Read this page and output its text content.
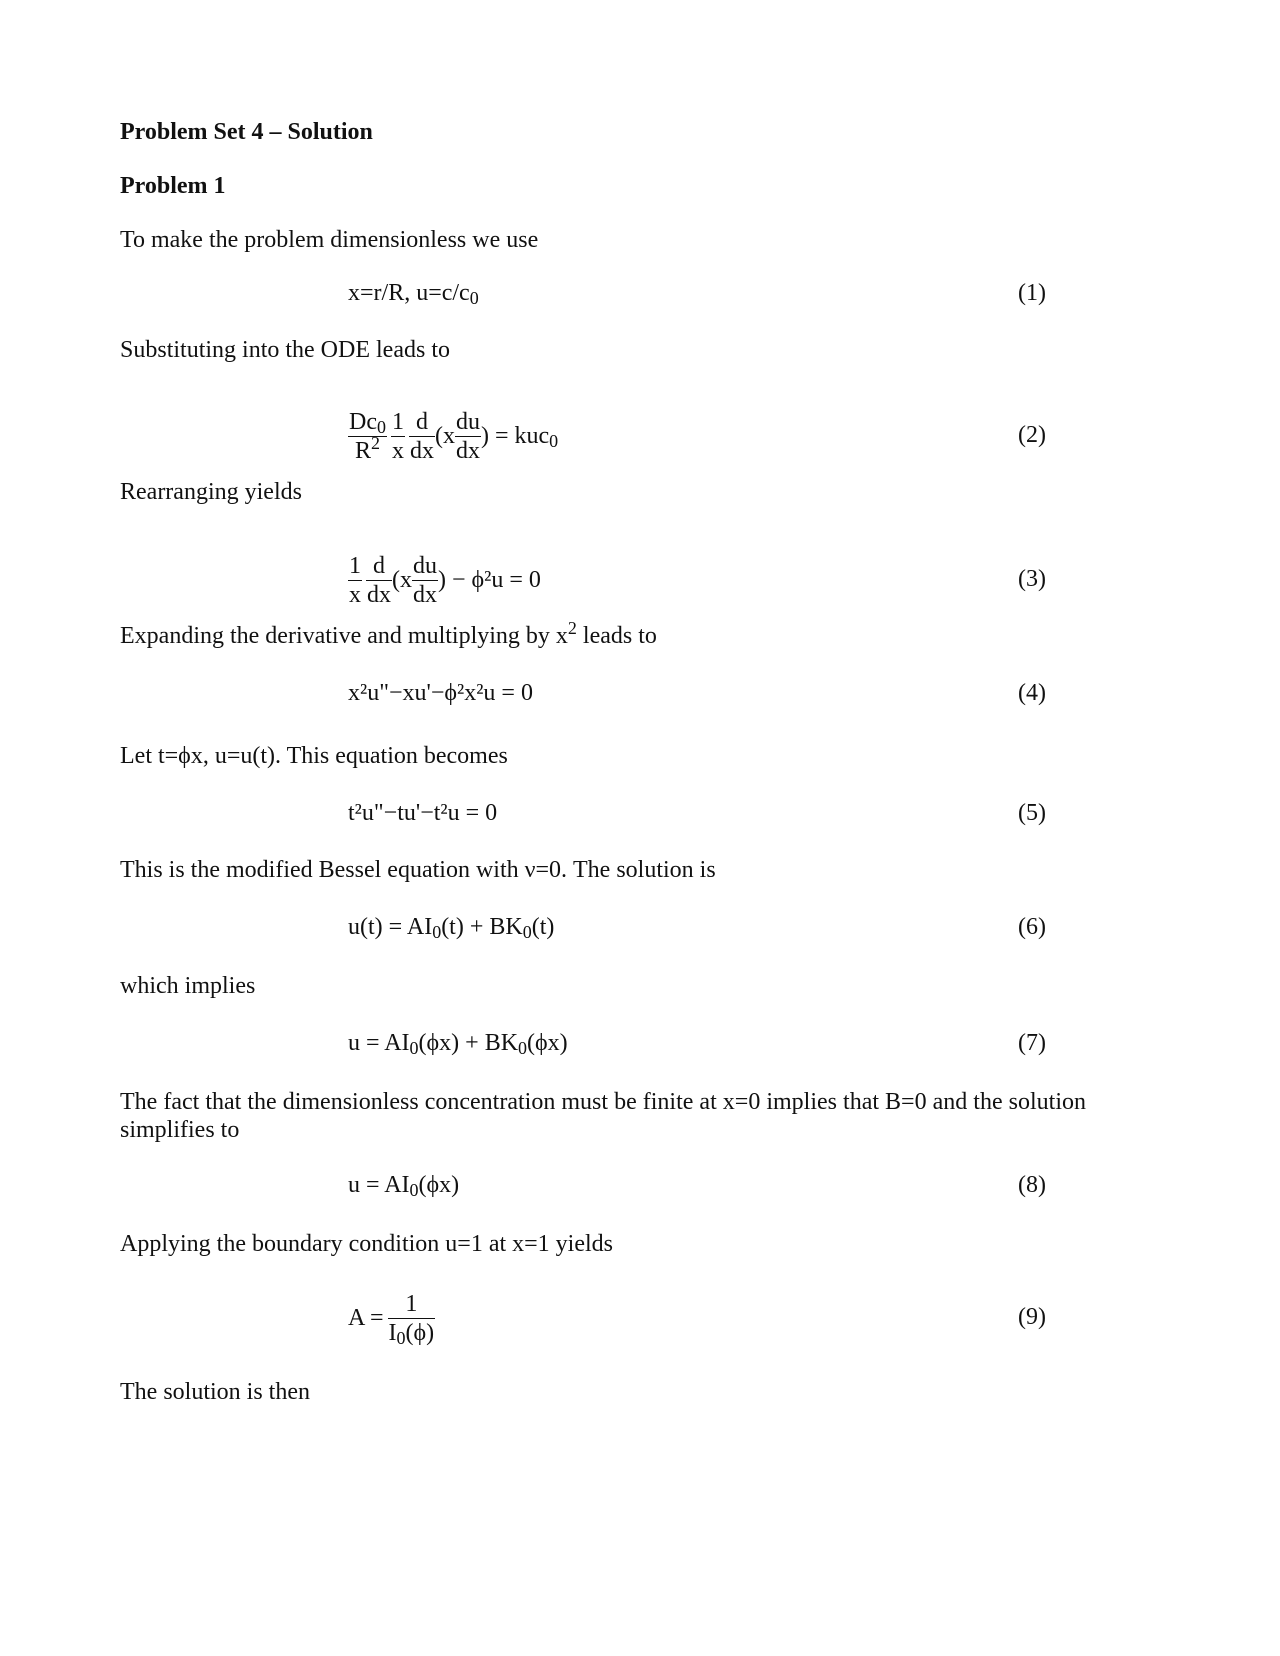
Problem Set 4 – Solution
Problem 1
To make the problem dimensionless we use
x=r/R, $u=c/c_0$	(1)
Substituting into the ODE leads to
$\frac{Dc_0}{R^2} \frac{1}{x} \frac{d}{dx} (x \frac{du}{dx}$ ) = kuc$_0$	(2)
Rearranging yields
$\frac{1}{x} \frac{d}{dx} (x \frac{du}{dx}$ ) − ϕ²u = 0	(3)
Expanding the derivative and multiplying by $x^2$ leads to
x²u"−xu'−ϕ²x²u = 0	(4)
Let t=ϕx, u=u(t). This equation becomes
t²u"−tu'−t²u = 0	(5)
This is the modified Bessel equation with ν=0. The solution is
$u(t) = AI_0(t) + BK_0(t)$	(6)
which implies
$u = AI_0(\phi x) + BK_0(\phi x)$	(7)
The fact that the dimensionless concentration must be finite at x=0 implies that B=0 and the solution simplifies to
$u = AI_0(\phi x)$	(8)
Applying the boundary condition u=1 at x=1 yields
$A = \frac{1}{I_0(\phi)}$	(9)
The solution is then
